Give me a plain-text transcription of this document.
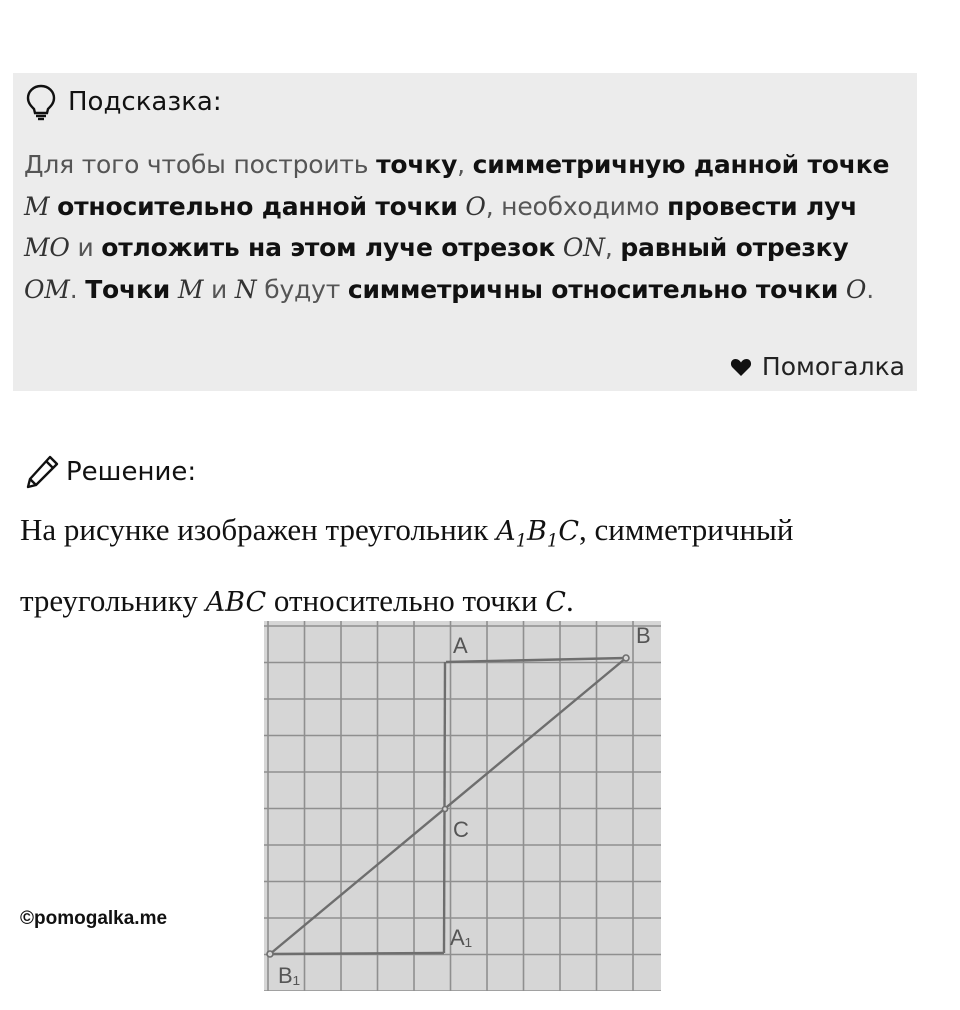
Подсказка:
Для того чтобы построить точку, симметричную данной точке M относительно данной точки O, необходимо провести луч MO и отложить на этом луче отрезок ON, равный отрезку OM. Точки M и N будут симметричны относительно точки O.
Помогалка
Решение:
На рисунке изображен треугольник $A_1B_1C$, симметричный треугольнику ABC относительно точки C.
A	B
C
A₁
B₁
©pomogalka.me
